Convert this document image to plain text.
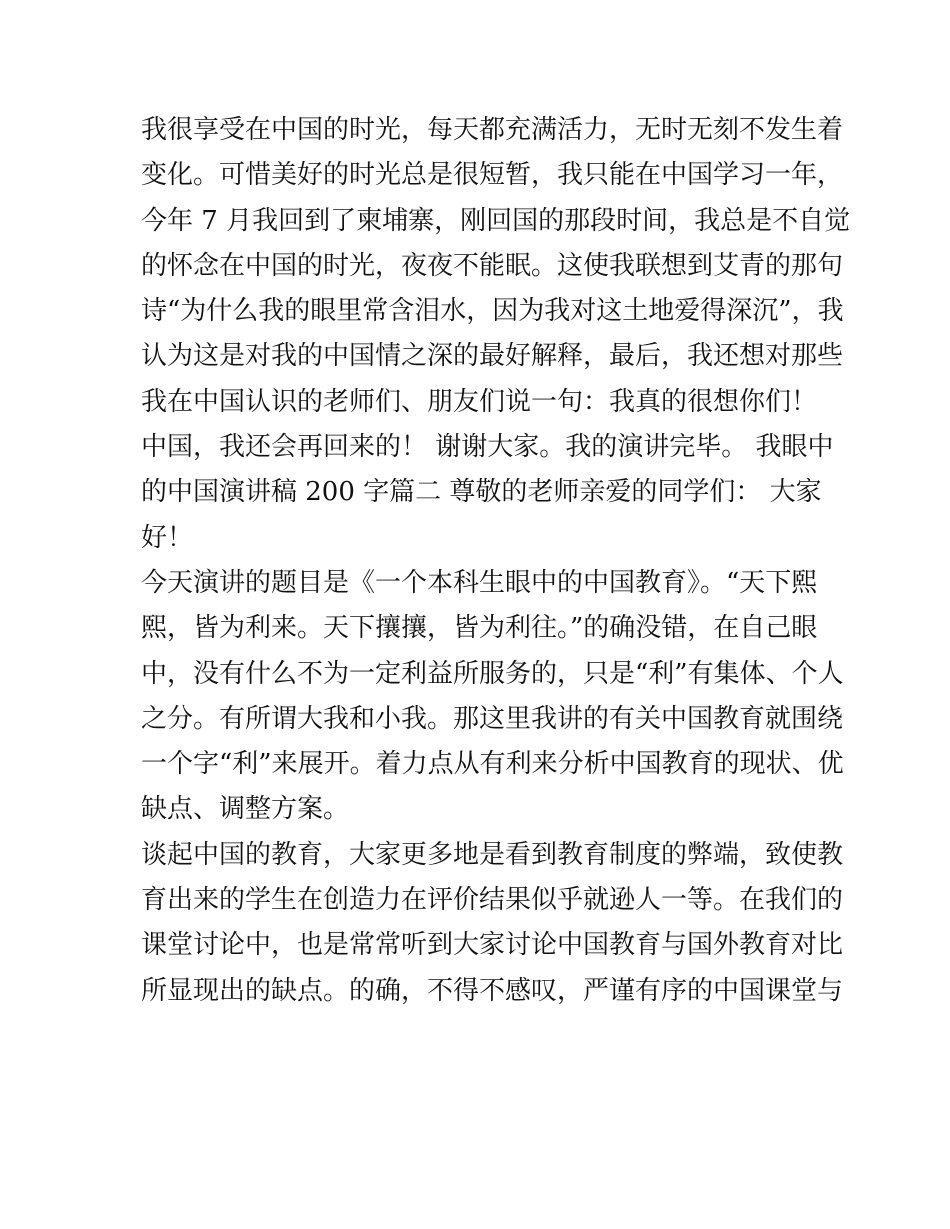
我很享受在中国的时光，每天都充满活力，无时无刻不发生着
变化。可惜美好的时光总是很短暂，我只能在中国学习一年，
今年 7 月我回到了柬埔寨，刚回国的那段时间，我总是不自觉
的怀念在中国的时光，夜夜不能眠。这使我联想到艾青的那句
诗“为什么我的眼里常含泪水，因为我对这土地爱得深沉”，我
认为这是对我的中国情之深的最好解释，最后，我还想对那些
我在中国认识的老师们、朋友们说一句：我真的很想你们！
中国，我还会再回来的！ 谢谢大家。我的演讲完毕。 我眼中
的中国演讲稿 200 字篇二 尊敬的老师亲爱的同学们： 大家
好！
今天演讲的题目是《一个本科生眼中的中国教育》。“天下熙
熙，皆为利来。天下攘攘，皆为利往。”的确没错，在自己眼
中，没有什么不为一定利益所服务的，只是“利”有集体、个人
之分。有所谓大我和小我。那这里我讲的有关中国教育就围绕
一个字“利”来展开。着力点从有利来分析中国教育的现状、优
缺点、调整方案。
谈起中国的教育，大家更多地是看到教育制度的弊端，致使教
育出来的学生在创造力在评价结果似乎就逊人一等。在我们的
课堂讨论中，也是常常听到大家讨论中国教育与国外教育对比
所显现出的缺点。的确，不得不感叹，严谨有序的中国课堂与
